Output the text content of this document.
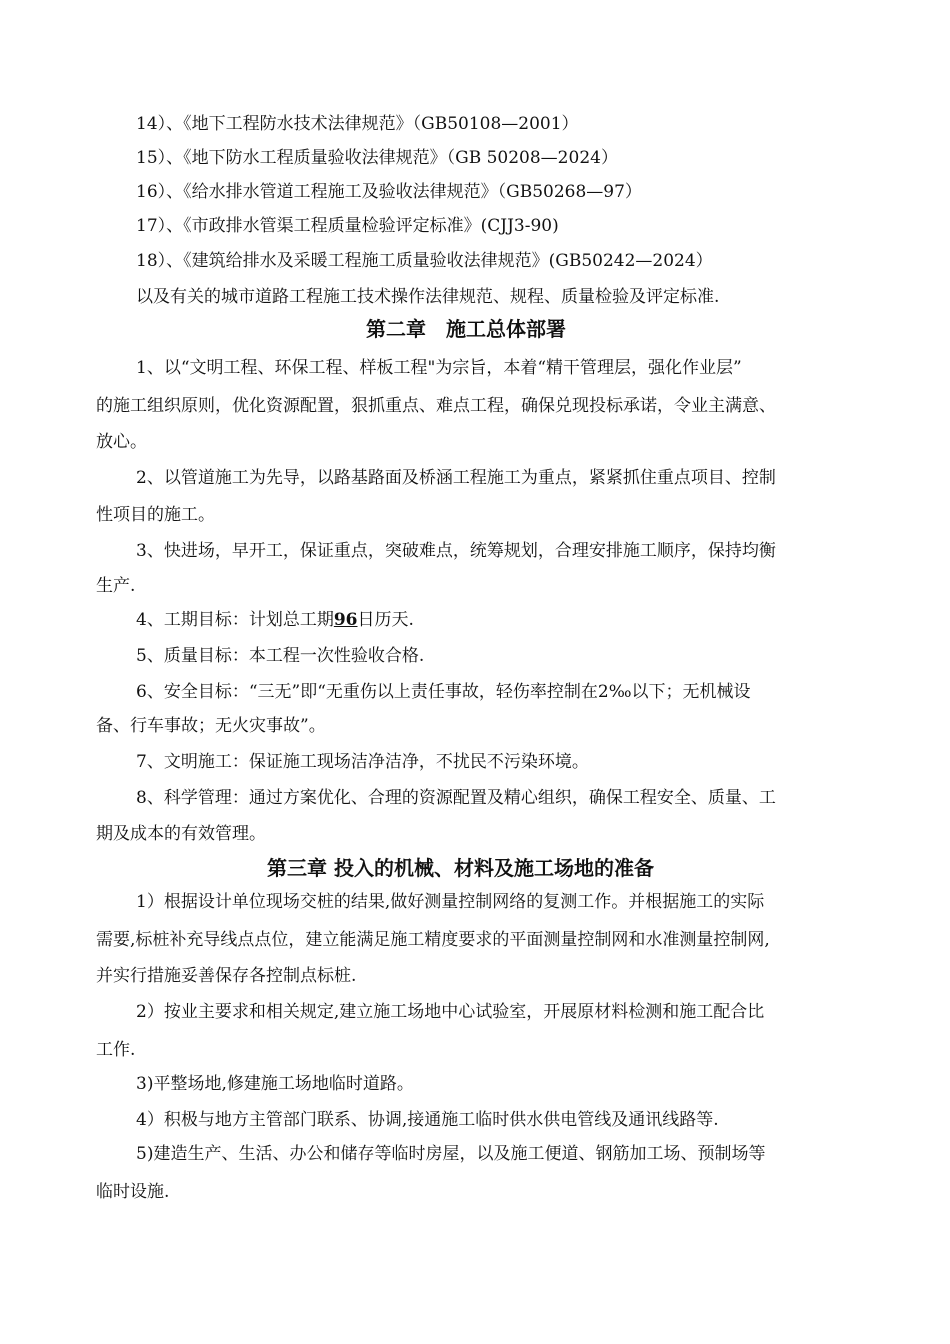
14）、《地下工程防水技术法律规范》（GB50108—2001）
15）、《地下防水工程质量验收法律规范》（GB 50208—2024）
16）、《给水排水管道工程施工及验收法律规范》（GB50268—97）
17）、《市政排水管渠工程质量检验评定标准》(CJJ3-90)
18）、《建筑给排水及采暖工程施工质量验收法律规范》(GB50242—2024）
以及有关的城市道路工程施工技术操作法律规范、规程、质量检验及评定标准.
第二章　施工总体部署
1、以“文明工程、环保工程、样板工程"为宗旨，本着“精干管理层，强化作业层”
的施工组织原则，优化资源配置，狠抓重点、难点工程，确保兑现投标承诺，令业主满意、
放心。
2、以管道施工为先导，以路基路面及桥涵工程施工为重点，紧紧抓住重点项目、控制
性项目的施工。
3、快进场，早开工，保证重点，突破难点，统筹规划，合理安排施工顺序，保持均衡
生产.
4、工期目标：计划总工期96日历天.
5、质量目标：本工程一次性验收合格.
6、安全目标：“三无”即“无重伤以上责任事故，轻伤率控制在2‰以下；无机械设
备、行车事故；无火灾事故”。
7、文明施工：保证施工现场洁净洁净，不扰民不污染环境。
8、科学管理：通过方案优化、合理的资源配置及精心组织，确保工程安全、质量、工
期及成本的有效管理。
第三章 投入的机械、材料及施工场地的准备
1）根据设计单位现场交桩的结果,做好测量控制网络的复测工作。并根据施工的实际
需要,标桩补充导线点点位，建立能满足施工精度要求的平面测量控制网和水准测量控制网,
并实行措施妥善保存各控制点标桩.
2）按业主要求和相关规定,建立施工场地中心试验室，开展原材料检测和施工配合比
工作.
3)平整场地,修建施工场地临时道路。
4）积极与地方主管部门联系、协调,接通施工临时供水供电管线及通讯线路等.
5)建造生产、生活、办公和储存等临时房屋，以及施工便道、钢筋加工场、预制场等
临时设施.
